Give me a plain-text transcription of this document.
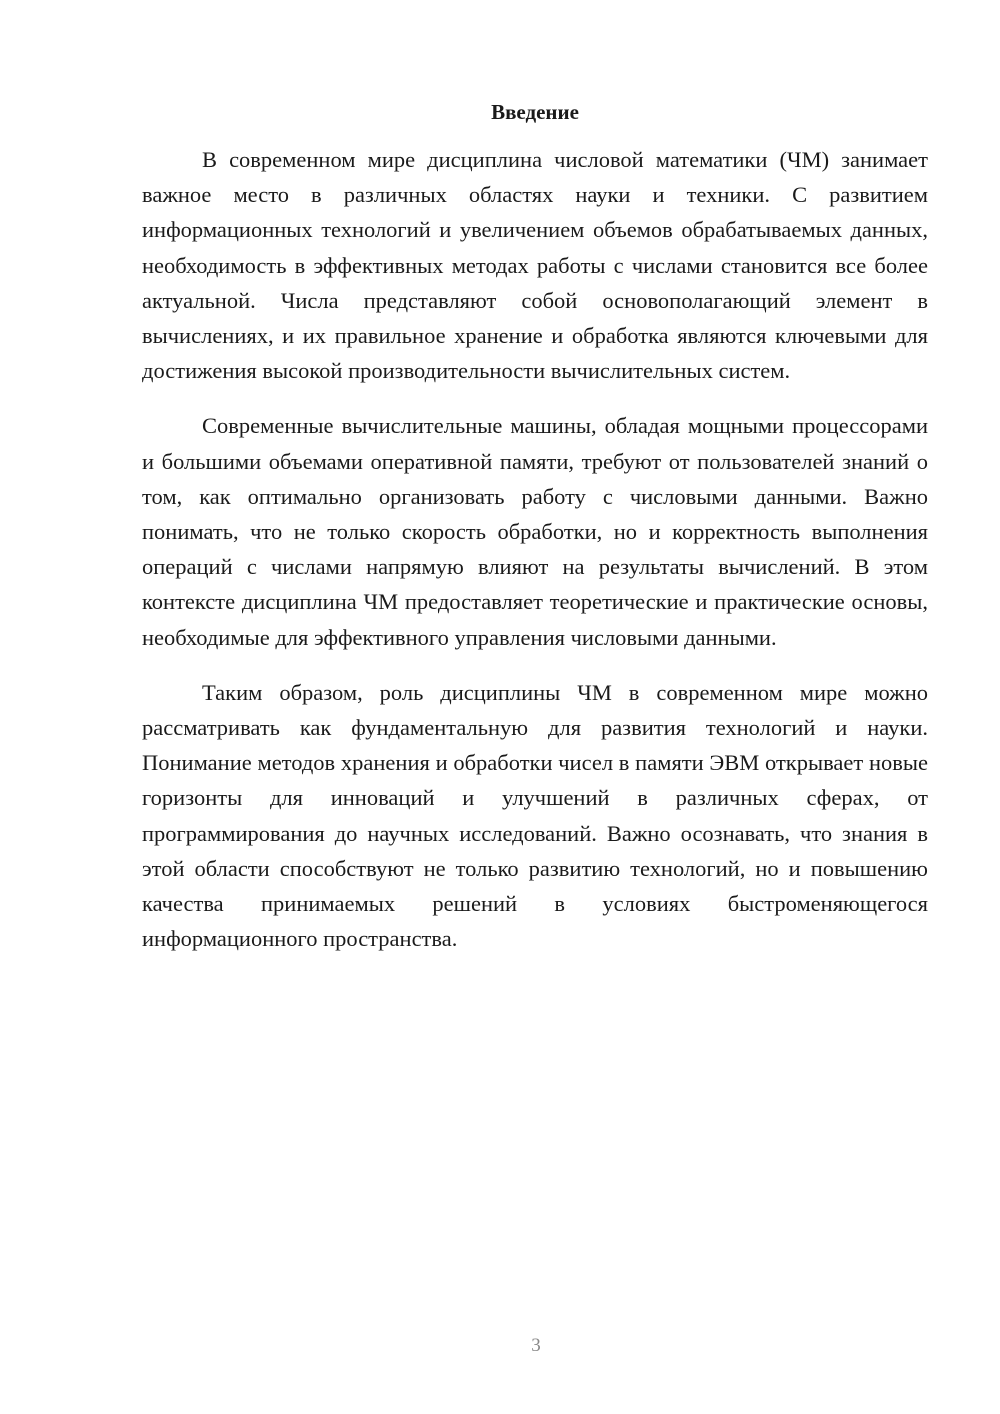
Введение

В современном мире дисциплина числовой математики (ЧМ) занимает важное место в различных областях науки и техники. С развитием информационных технологий и увеличением объемов обрабатываемых данных, необходимость в эффективных методах работы с числами становится все более актуальной. Числа представляют собой основополагающий элемент в вычислениях, и их правильное хранение и обработка являются ключевыми для достижения высокой производительности вычислительных систем.

Современные вычислительные машины, обладая мощными процессорами и большими объемами оперативной памяти, требуют от пользователей знаний о том, как оптимально организовать работу с числовыми данными. Важно понимать, что не только скорость обработки, но и корректность выполнения операций с числами напрямую влияют на результаты вычислений. В этом контексте дисциплина ЧМ предоставляет теоретические и практические основы, необходимые для эффективного управления числовыми данными.

Таким образом, роль дисциплины ЧМ в современном мире можно рассматривать как фундаментальную для развития технологий и науки. Понимание методов хранения и обработки чисел в памяти ЭВМ открывает новые горизонты для инноваций и улучшений в различных сферах, от программирования до научных исследований. Важно осознавать, что знания в этой области способствуют не только развитию технологий, но и повышению качества принимаемых решений в условиях быстроменяющегося информационного пространства.

3
